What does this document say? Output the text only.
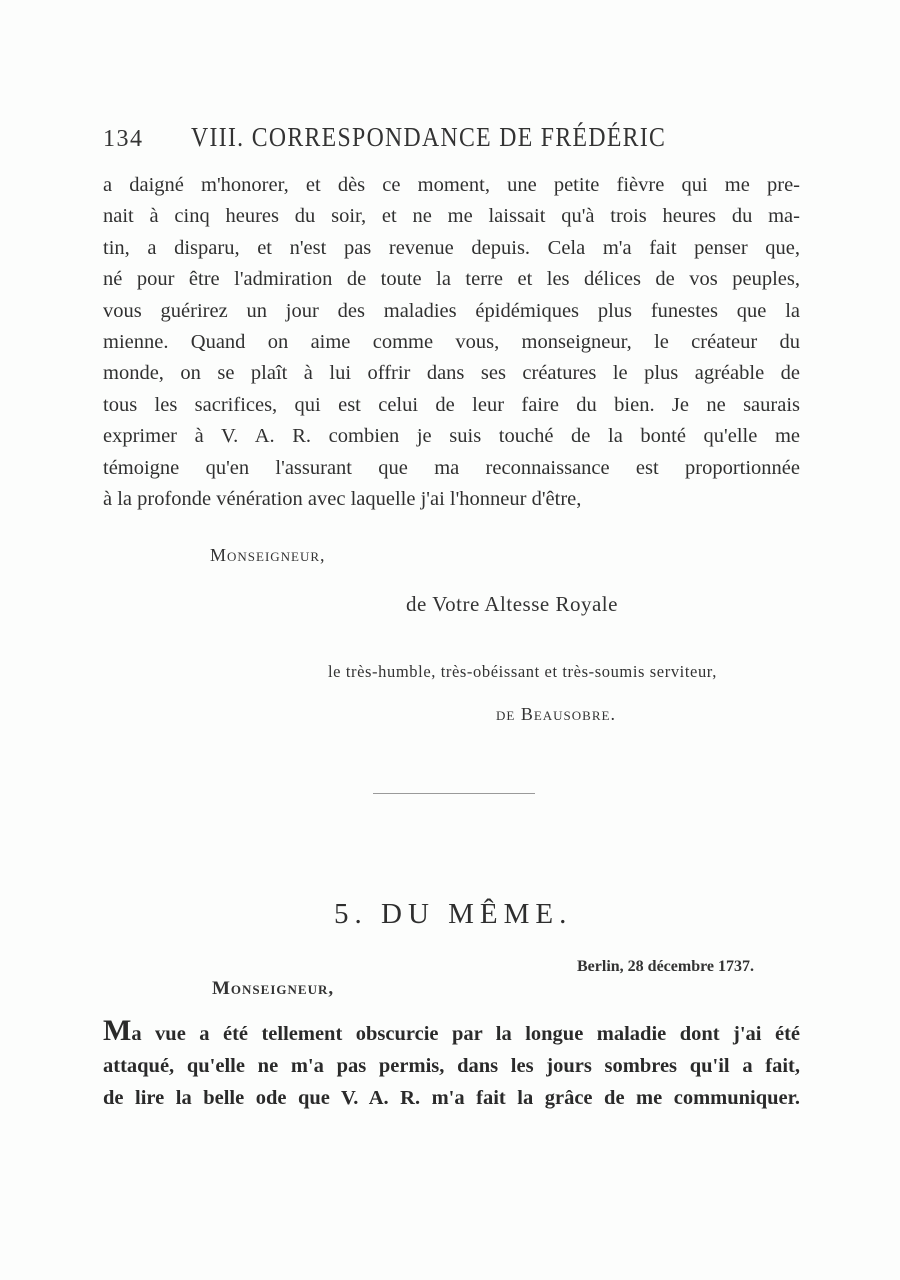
134	VIII. CORRESPONDANCE DE FRÉDÉRIC
a daigné m'honorer, et dès ce moment, une petite fièvre qui me pre-
nait à cinq heures du soir, et ne me laissait qu'à trois heures du ma-
tin, a disparu, et n'est pas revenue depuis. Cela m'a fait penser que,
né pour être l'admiration de toute la terre et les délices de vos peuples,
vous guérirez un jour des maladies épidémiques plus funestes que la
mienne. Quand on aime comme vous, monseigneur, le créateur du
monde, on se plaît à lui offrir dans ses créatures le plus agréable de
tous les sacrifices, qui est celui de leur faire du bien. Je ne saurais
exprimer à V. A. R. combien je suis touché de la bonté qu'elle me
témoigne qu'en l'assurant que ma reconnaissance est proportionnée
à la profonde vénération avec laquelle j'ai l'honneur d'être,
Monseigneur,
de Votre Altesse Royale
le très-humble, très-obéissant et très-soumis serviteur,
de Beausobre.
5. DU MÊME.
Berlin, 28 décembre 1737.
Monseigneur,
Ma vue a été tellement obscurcie par la longue maladie dont j'ai été
attaqué, qu'elle ne m'a pas permis, dans les jours sombres qu'il a fait,
de lire la belle ode que V. A. R. m'a fait la grâce de me communiquer.
